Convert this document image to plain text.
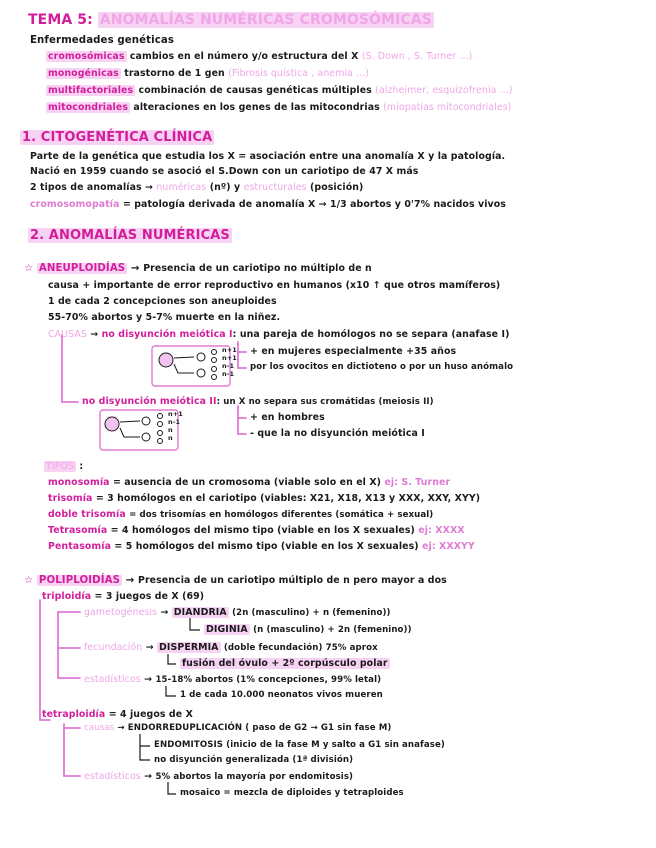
TEMA 5: ANOMALÍAS NUMÉRICAS CROMOSÓMICAS
Enfermedades genéticas
cromosómicas cambios en el número y/o estructura del X (S. Down , S. Turner ...)
monogénicas trastorno de 1 gen (Fibrosis quística , anemia ...)
multifactoriales combinación de causas genéticas múltiples (alzheimer, esquizofrenia ...)
mitocondriales alteraciones en los genes de las mitocondrias (miopatías mitocondriales)
1. CITOGENÉTICA CLÍNICA
Parte de la genética que estudia los X = asociación entre una anomalía X y la patología.
Nació en 1959 cuando se asoció el S.Down con un cariotipo de 47 X más
2 tipos de anomalías → numéricas (nº) y estructurales (posición)
cromosomopatía = patología derivada de anomalía X → 1/3 abortos y 0'7% nacidos vivos
2. ANOMALÍAS NUMÉRICAS
☆ ANEUPLOIDÍAS → Presencia de un cariotipo no múltiplo de n
causa + importante de error reproductivo en humanos (x10 ↑ que otros mamíferos)
1 de cada 2 concepciones son aneuploides
55-70% abortos y 5-7% muerte en la niñez.
CAUSAS → no disyunción meiótica I: una pareja de homólogos no se separa (anafase I)
n+1
n+1
n-1
n-1
+ en mujeres especialmente +35 años
por los ovocitos en dictioteno o por un huso anómalo
no disyunción meiótica II: un X no separa sus cromátidas (meiosis II)
n+1
n-1
n
n
+ en hombres
- que la no disyunción meiótica I
TIPOS :
monosomía = ausencia de un cromosoma (viable solo en el X) ej: S. Turner
trisomía = 3 homólogos en el cariotipo (viables: X21, X18, X13 y XXX, XXY, XYY)
doble trisomía = dos trisomías en homólogos diferentes (somática + sexual)
Tetrasomía = 4 homólogos del mismo tipo (viable en los X sexuales) ej: XXXX
Pentasomía = 5 homólogos del mismo tipo (viable en los X sexuales) ej: XXXYY
☆ POLIPLOIDÍAS → Presencia de un cariotipo múltiplo de n pero mayor a dos
triploidía = 3 juegos de X (69)
gametogénesis → DIANDRIA (2n (masculino) + n (femenino))
DIGINIA (n (masculino) + 2n (femenino))
fecundación → DISPERMIA (doble fecundación) 75% aprox
fusión del óvulo + 2º corpúsculo polar
estadísticos → 15-18% abortos (1% concepciones, 99% letal)
1 de cada 10.000 neonatos vivos mueren
tetraploidía = 4 juegos de X
causas → ENDORREDUPLICACIÓN ( paso de G2 → G1 sin fase M)
ENDOMITOSIS (inicio de la fase M y salto a G1 sin anafase)
no disyunción generalizada (1ª división)
estadísticos → 5% abortos la mayoría por endomitosis)
mosaico = mezcla de diploides y tetraploides
